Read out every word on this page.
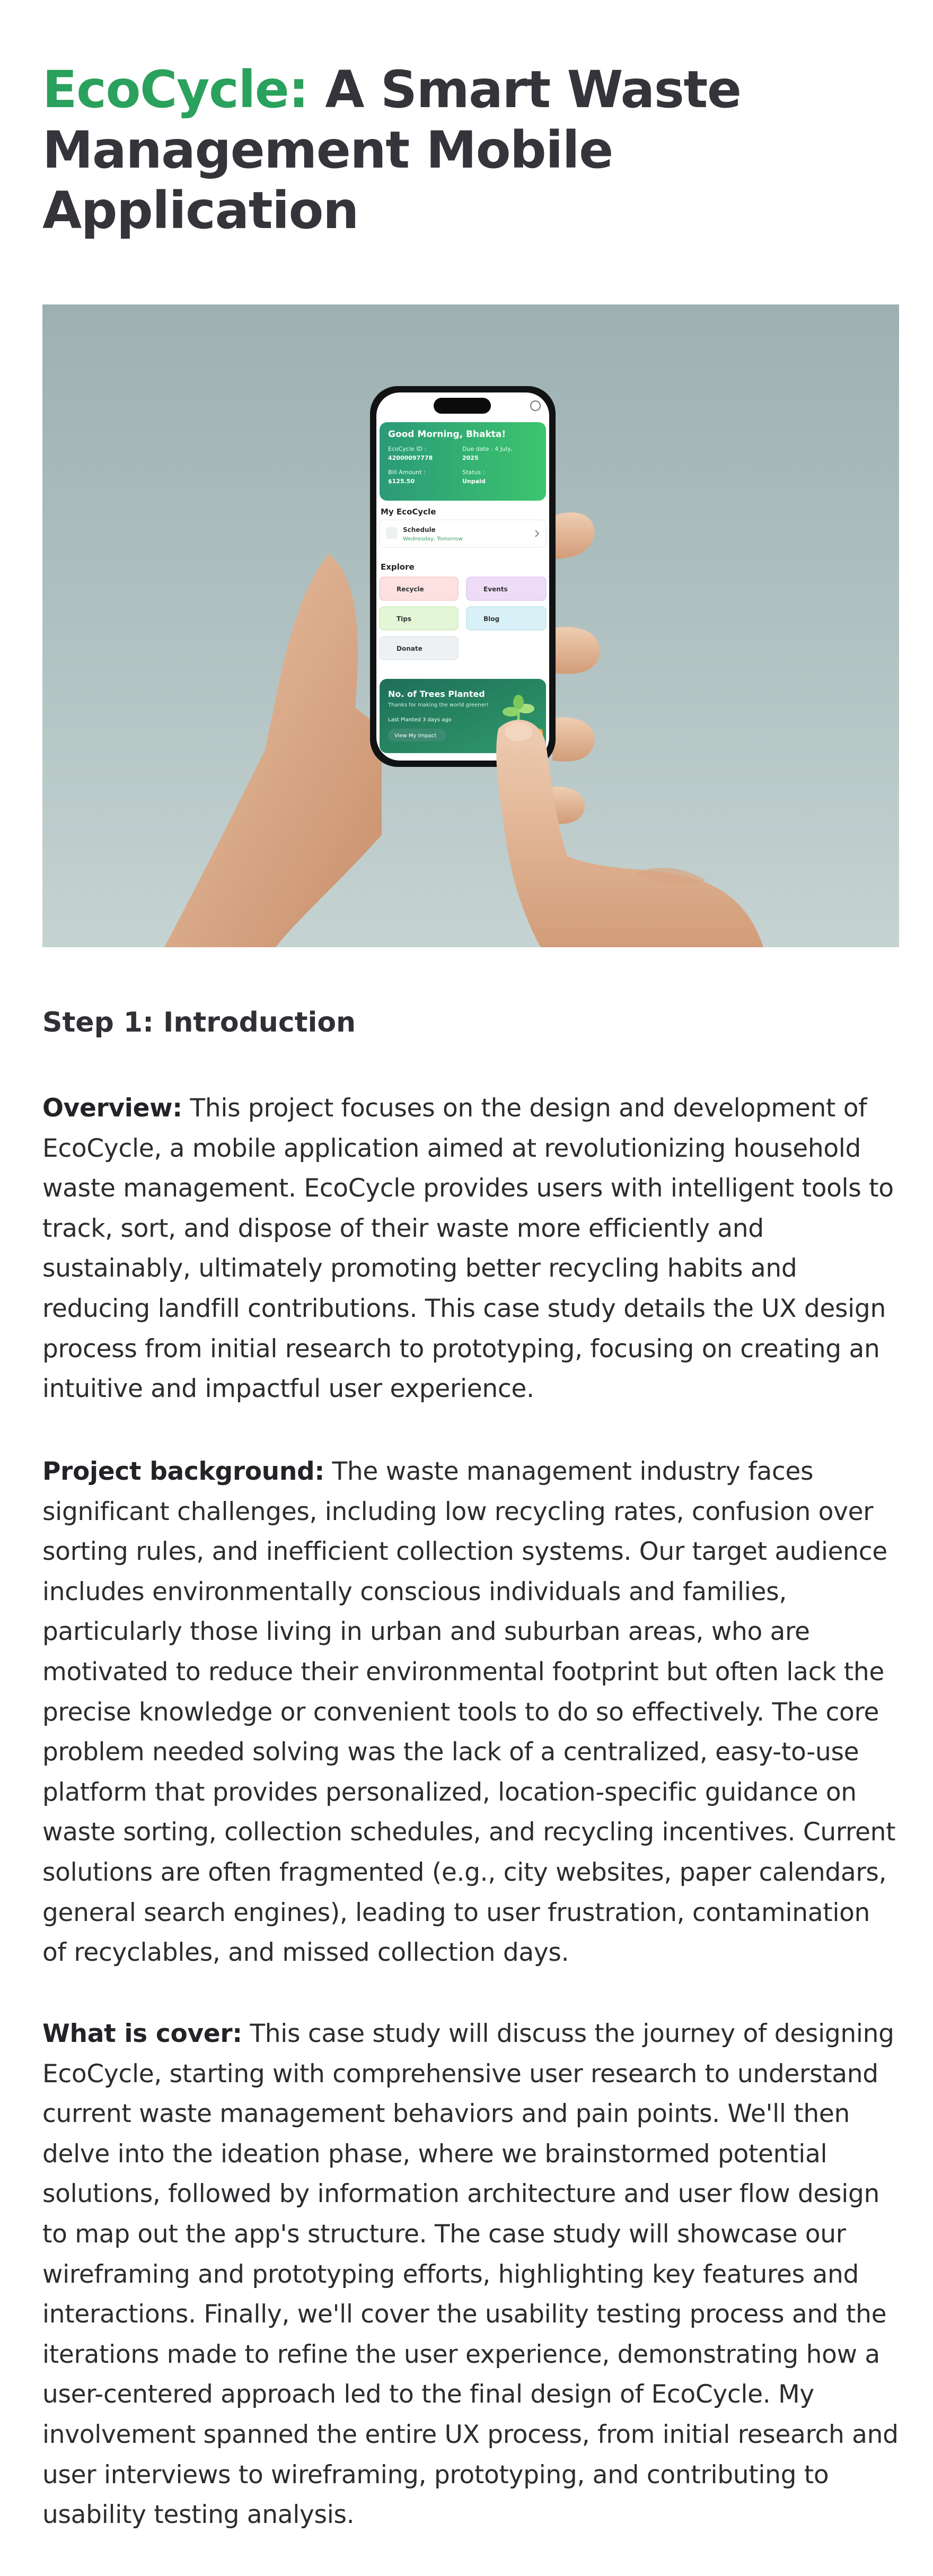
EcoCycle: A Smart Waste Management Mobile Application
Good Morning, Bhakta!
EcoCycle ID :
42000097778
Due date : 4 July,
2025
Bill Amount :
$125.50
Status :
Unpaid
My EcoCycle
Schedule
Wednesday, Tomorrow
Explore
Recycle	Events
Tips	Blog
Donate
No. of Trees Planted
Thanks for making the world greener!
Last Planted 3 days ago
View My Impact
Step 1: Introduction

Overview: This project focuses on the design and development of EcoCycle, a mobile application aimed at revolutionizing household waste management. EcoCycle provides users with intelligent tools to track, sort, and dispose of their waste more efficiently and sustainably, ultimately promoting better recycling habits and reducing landfill contributions. This case study details the UX design process from initial research to prototyping, focusing on creating an intuitive and impactful user experience.

Project background: The waste management industry faces significant challenges, including low recycling rates, confusion over sorting rules, and inefficient collection systems. Our target audience includes environmentally conscious individuals and families, particularly those living in urban and suburban areas, who are motivated to reduce their environmental footprint but often lack the precise knowledge or convenient tools to do so effectively. The core problem needed solving was the lack of a centralized, easy-to-use platform that provides personalized, location-specific guidance on waste sorting, collection schedules, and recycling incentives. Current solutions are often fragmented (e.g., city websites, paper calendars, general search engines), leading to user frustration, contamination of recyclables, and missed collection days.

What is cover: This case study will discuss the journey of designing EcoCycle, starting with comprehensive user research to understand current waste management behaviors and pain points. We'll then delve into the ideation phase, where we brainstormed potential solutions, followed by information architecture and user flow design to map out the app's structure. The case study will showcase our wireframing and prototyping efforts, highlighting key features and interactions. Finally, we'll cover the usability testing process and the iterations made to refine the user experience, demonstrating how a user-centered approach led to the final design of EcoCycle. My involvement spanned the entire UX process, from initial research and user interviews to wireframing, prototyping, and contributing to usability testing analysis.
